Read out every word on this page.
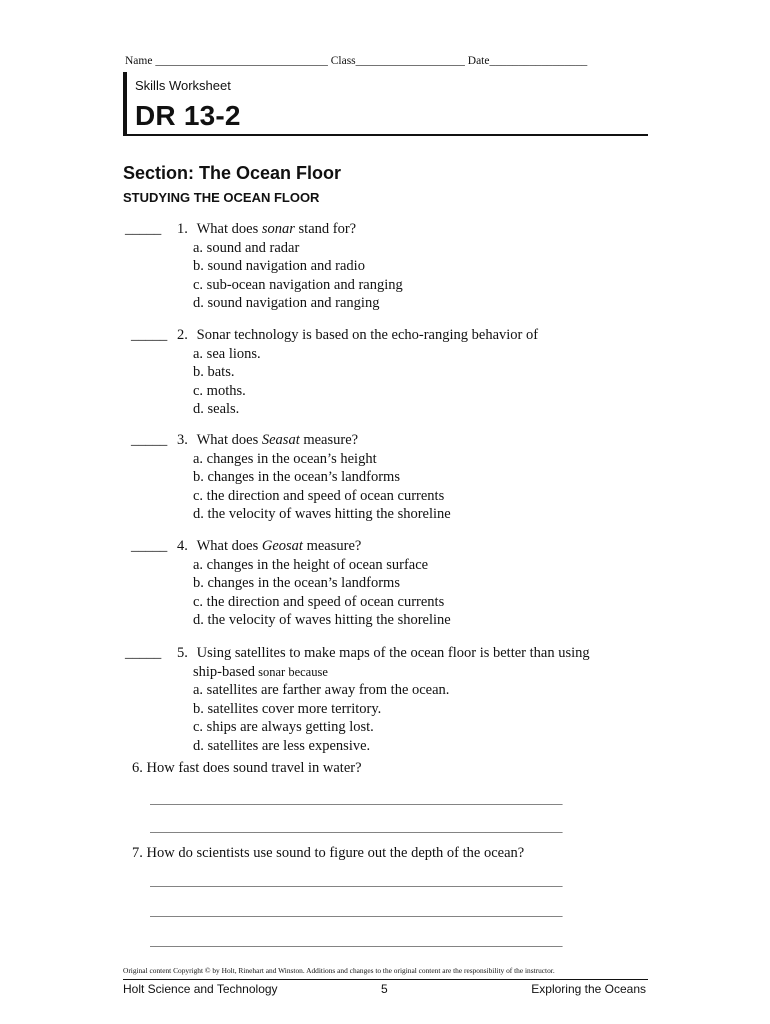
Name ______________________________ Class___________________ Date_________________
Skills Worksheet
DR 13-2
Section: The Ocean Floor
STUDYING THE OCEAN FLOOR
_____	1. What does sonar stand for?
a. sound and radar
b. sound navigation and radio
c. sub-ocean navigation and ranging
d. sound navigation and ranging
_____ 2. Sonar technology is based on the echo-ranging behavior of
a. sea lions.
b. bats.
c. moths.
d. seals.
_____ 3. What does Seasat measure?
a. changes in the ocean’s height
b. changes in the ocean’s landforms
c. the direction and speed of ocean currents
d. the velocity of waves hitting the shoreline
_____ 4. What does Geosat measure?
a. changes in the height of ocean surface
b. changes in the ocean’s landforms
c. the direction and speed of ocean currents
d. the velocity of waves hitting the shoreline
_____	5. Using satellites to make maps of the ocean floor is better than using
ship-based sonar because
a. satellites are farther away from the ocean.
b. satellites cover more territory.
c. ships are always getting lost.
d. satellites are less expensive.
6. How fast does sound travel in water?
___________________________________________________________________________
___________________________________________________________________________
7. How do scientists use sound to figure out the depth of the ocean?
___________________________________________________________________________
___________________________________________________________________________
___________________________________________________________________________
Original content Copyright © by Holt, Rinehart and Winston. Additions and changes to the original content are the responsibility of the instructor.
Holt Science and Technology	5	Exploring the Oceans
